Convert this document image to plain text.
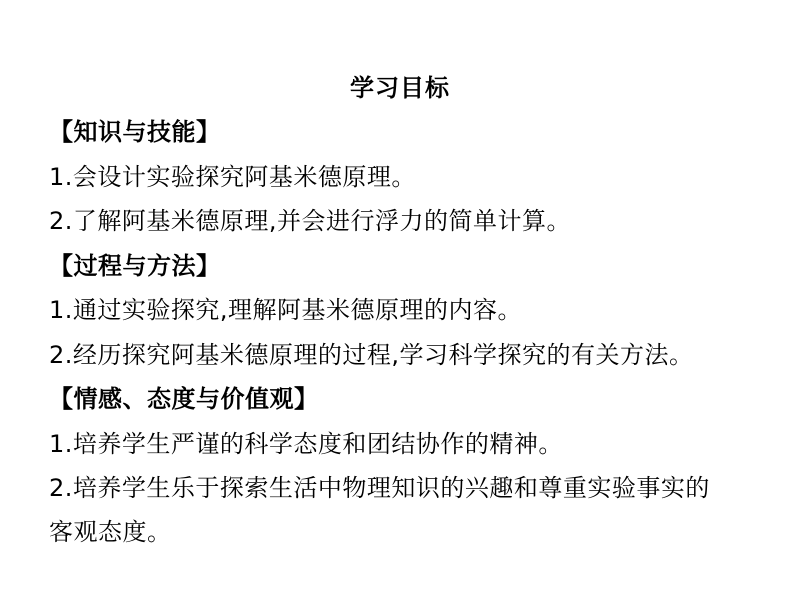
学习目标
【知识与技能】
1.会设计实验探究阿基米德原理。
2.了解阿基米德原理,并会进行浮力的简单计算。
【过程与方法】
1.通过实验探究,理解阿基米德原理的内容。
2.经历探究阿基米德原理的过程,学习科学探究的有关方法。
【情感、态度与价值观】
1.培养学生严谨的科学态度和团结协作的精神。
2.培养学生乐于探索生活中物理知识的兴趣和尊重实验事实的
客观态度。
